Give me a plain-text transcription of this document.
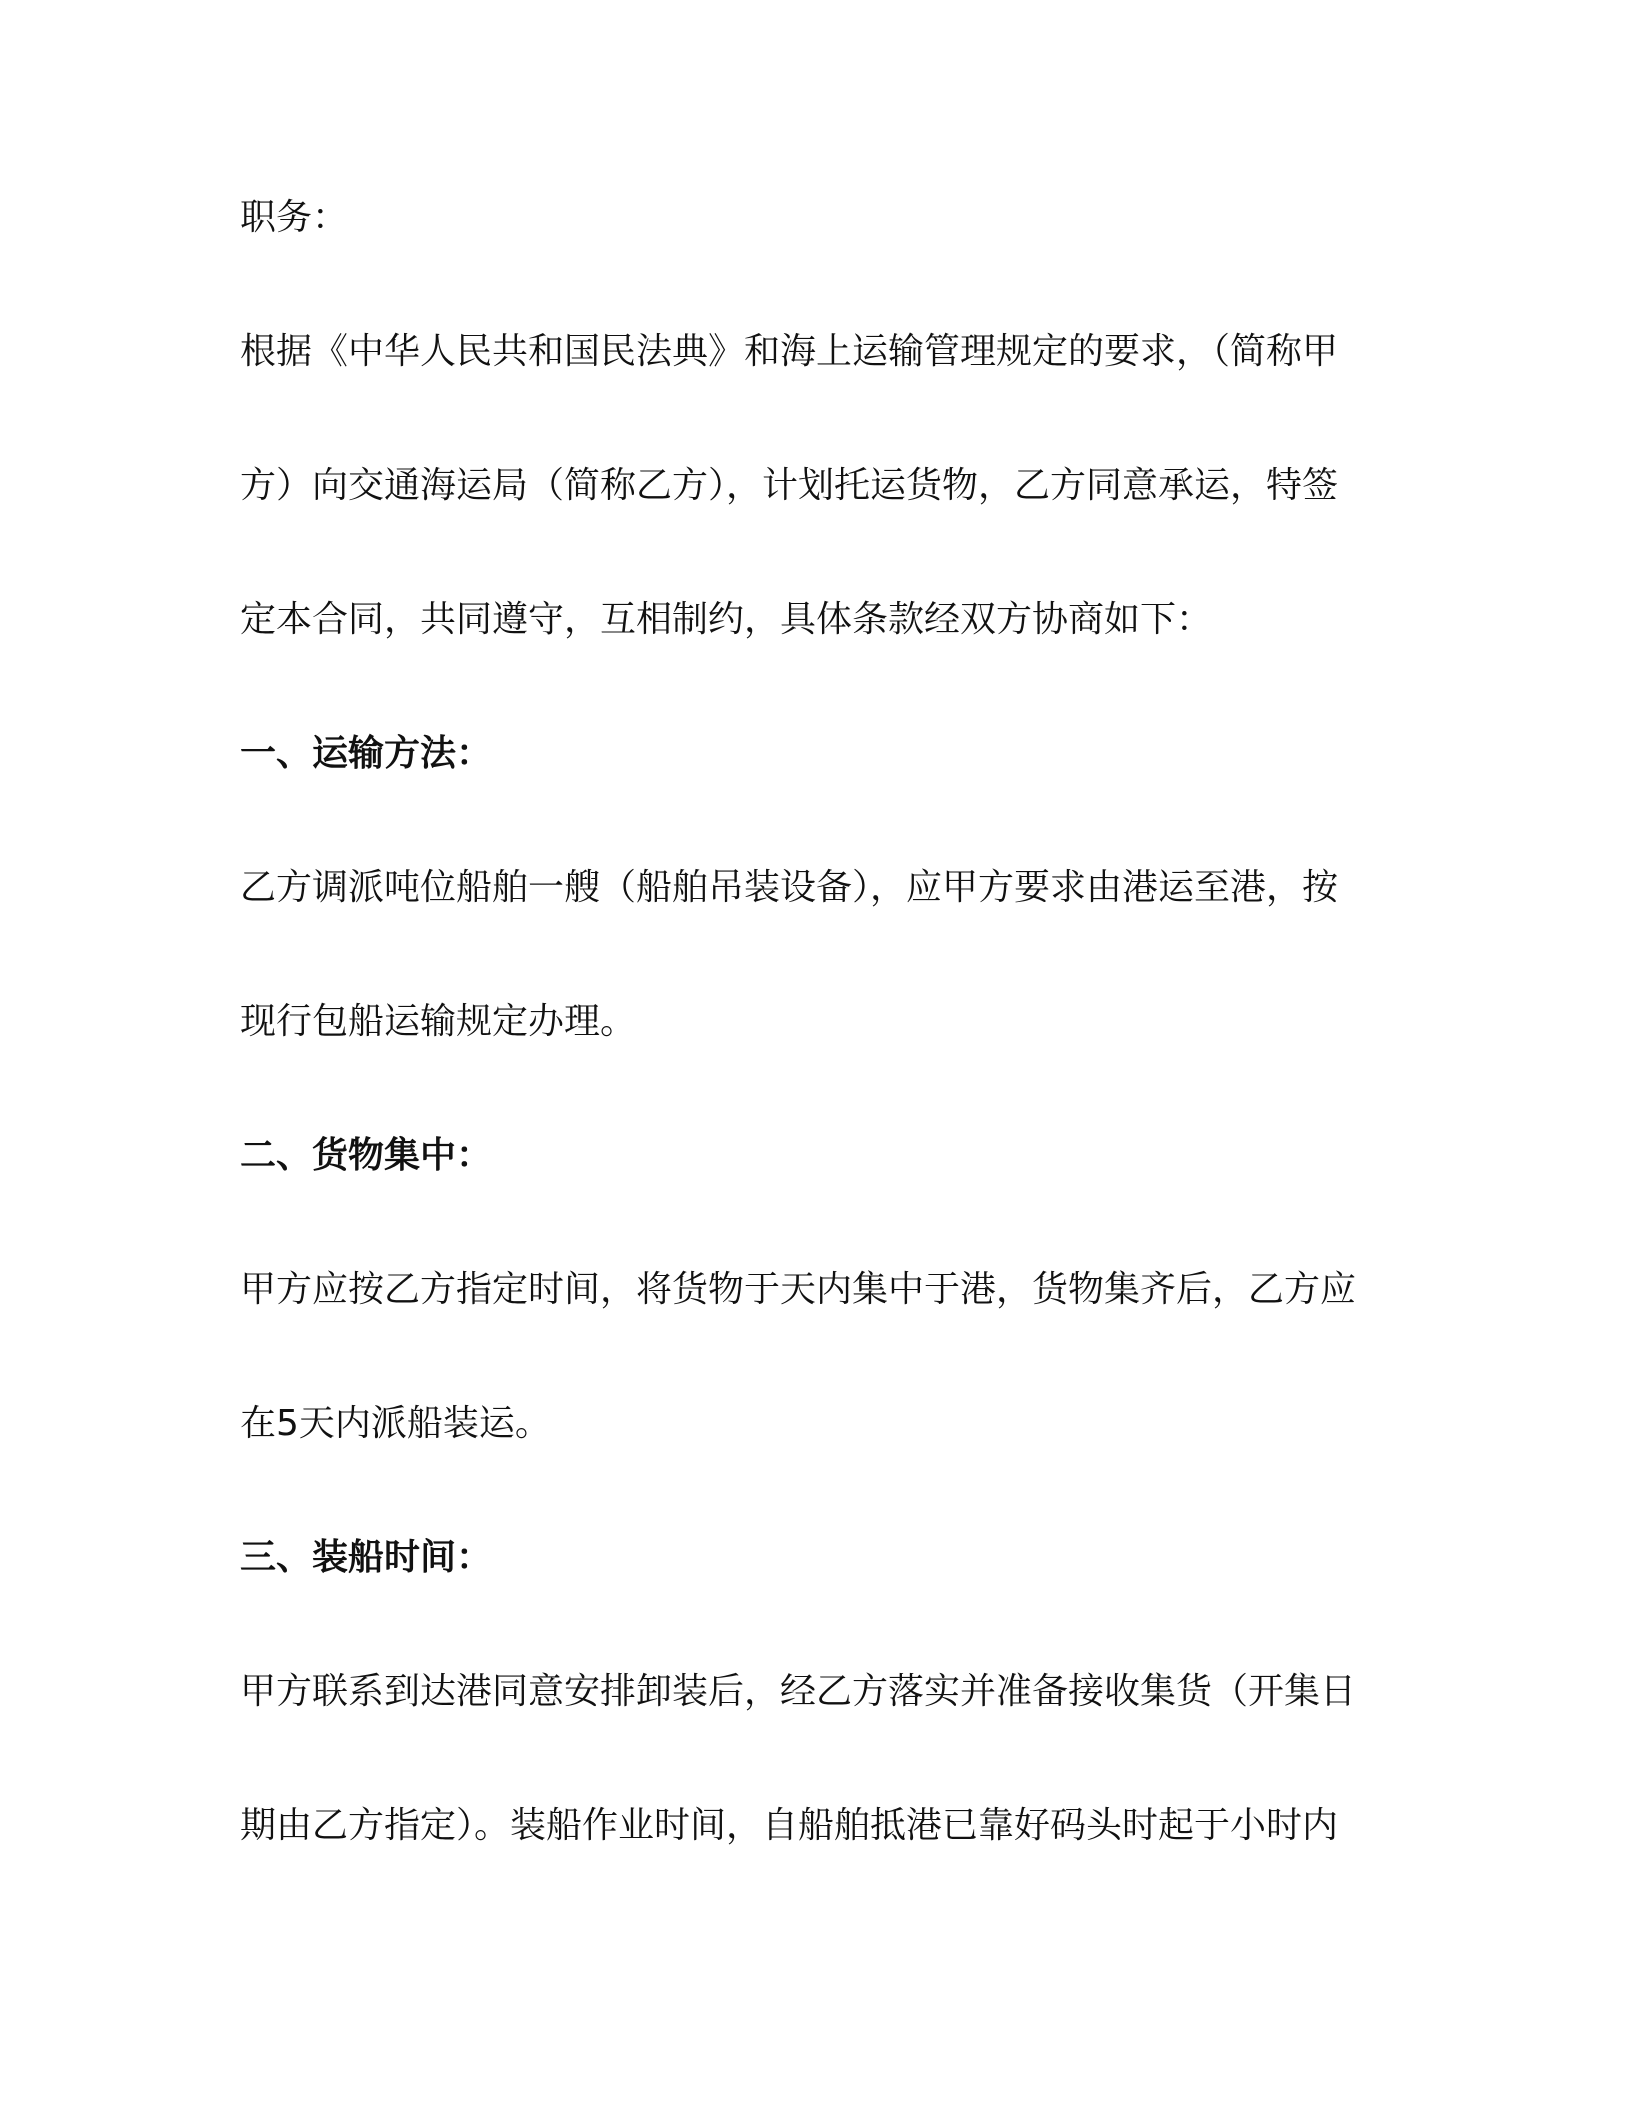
职务：
根据《中华人民共和国民法典》和海上运输管理规定的要求，（简称甲
方）向交通海运局（简称乙方），计划托运货物，乙方同意承运，特签
定本合同，共同遵守，互相制约，具体条款经双方协商如下：
一、运输方法：
乙方调派吨位船舶一艘（船舶吊装设备），应甲方要求由港运至港，按
现行包船运输规定办理。
二、货物集中：
甲方应按乙方指定时间，将货物于天内集中于港，货物集齐后，乙方应
在5天内派船装运。
三、装船时间：
甲方联系到达港同意安排卸装后，经乙方落实并准备接收集货（开集日
期由乙方指定）。装船作业时间，自船舶抵港已靠好码头时起于小时内
